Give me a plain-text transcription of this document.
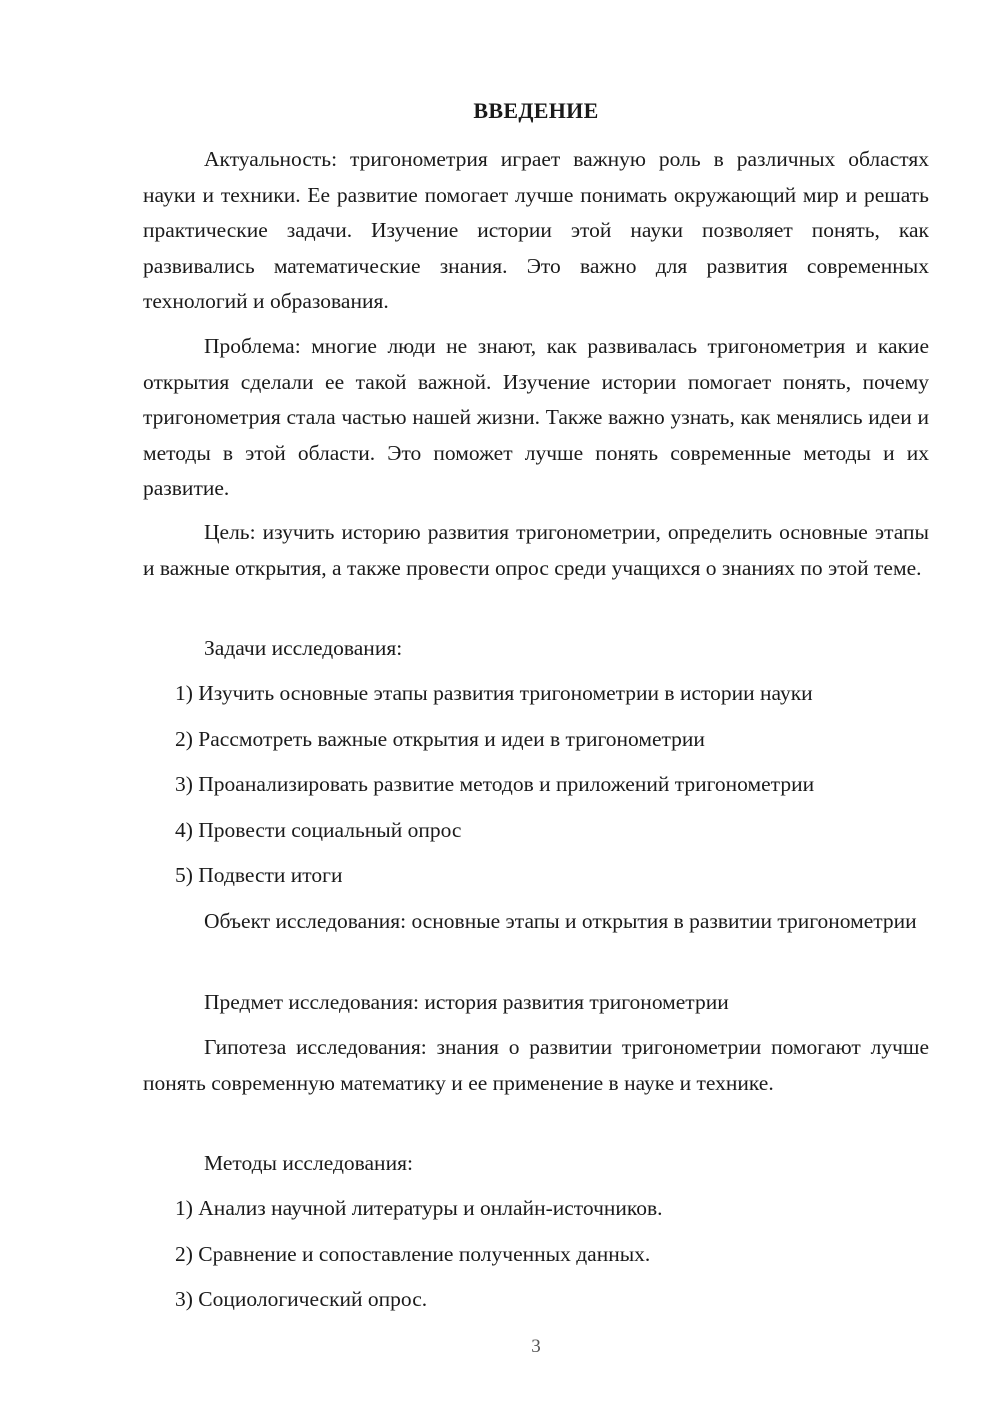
ВВЕДЕНИЕ

Актуальность: тригонометрия играет важную роль в различных областях науки и техники. Ее развитие помогает лучше понимать окружающий мир и решать практические задачи. Изучение истории этой науки позволяет понять, как развивались математические знания. Это важно для развития современных технологий и образования.

Проблема: многие люди не знают, как развивалась тригонометрия и какие открытия сделали ее такой важной. Изучение истории помогает понять, почему тригонометрия стала частью нашей жизни. Также важно узнать, как менялись идеи и методы в этой области. Это поможет лучше понять современные методы и их развитие.

Цель: изучить историю развития тригонометрии, определить основные этапы и важные открытия, а также провести опрос среди учащихся о знаниях по этой теме.

Задачи исследования:
1) Изучить основные этапы развития тригонометрии в истории науки
2) Рассмотреть важные открытия и идеи в тригонометрии
3) Проанализировать развитие методов и приложений тригонометрии
4) Провести социальный опрос
5) Подвести итоги

Объект исследования: основные этапы и открытия в развитии тригонометрии

Предмет исследования: история развития тригонометрии

Гипотеза исследования: знания о развитии тригонометрии помогают лучше понять современную математику и ее применение в науке и технике.

Методы исследования:
1) Анализ научной литературы и онлайн-источников.
2) Сравнение и сопоставление полученных данных.
3) Социологический опрос.
3
